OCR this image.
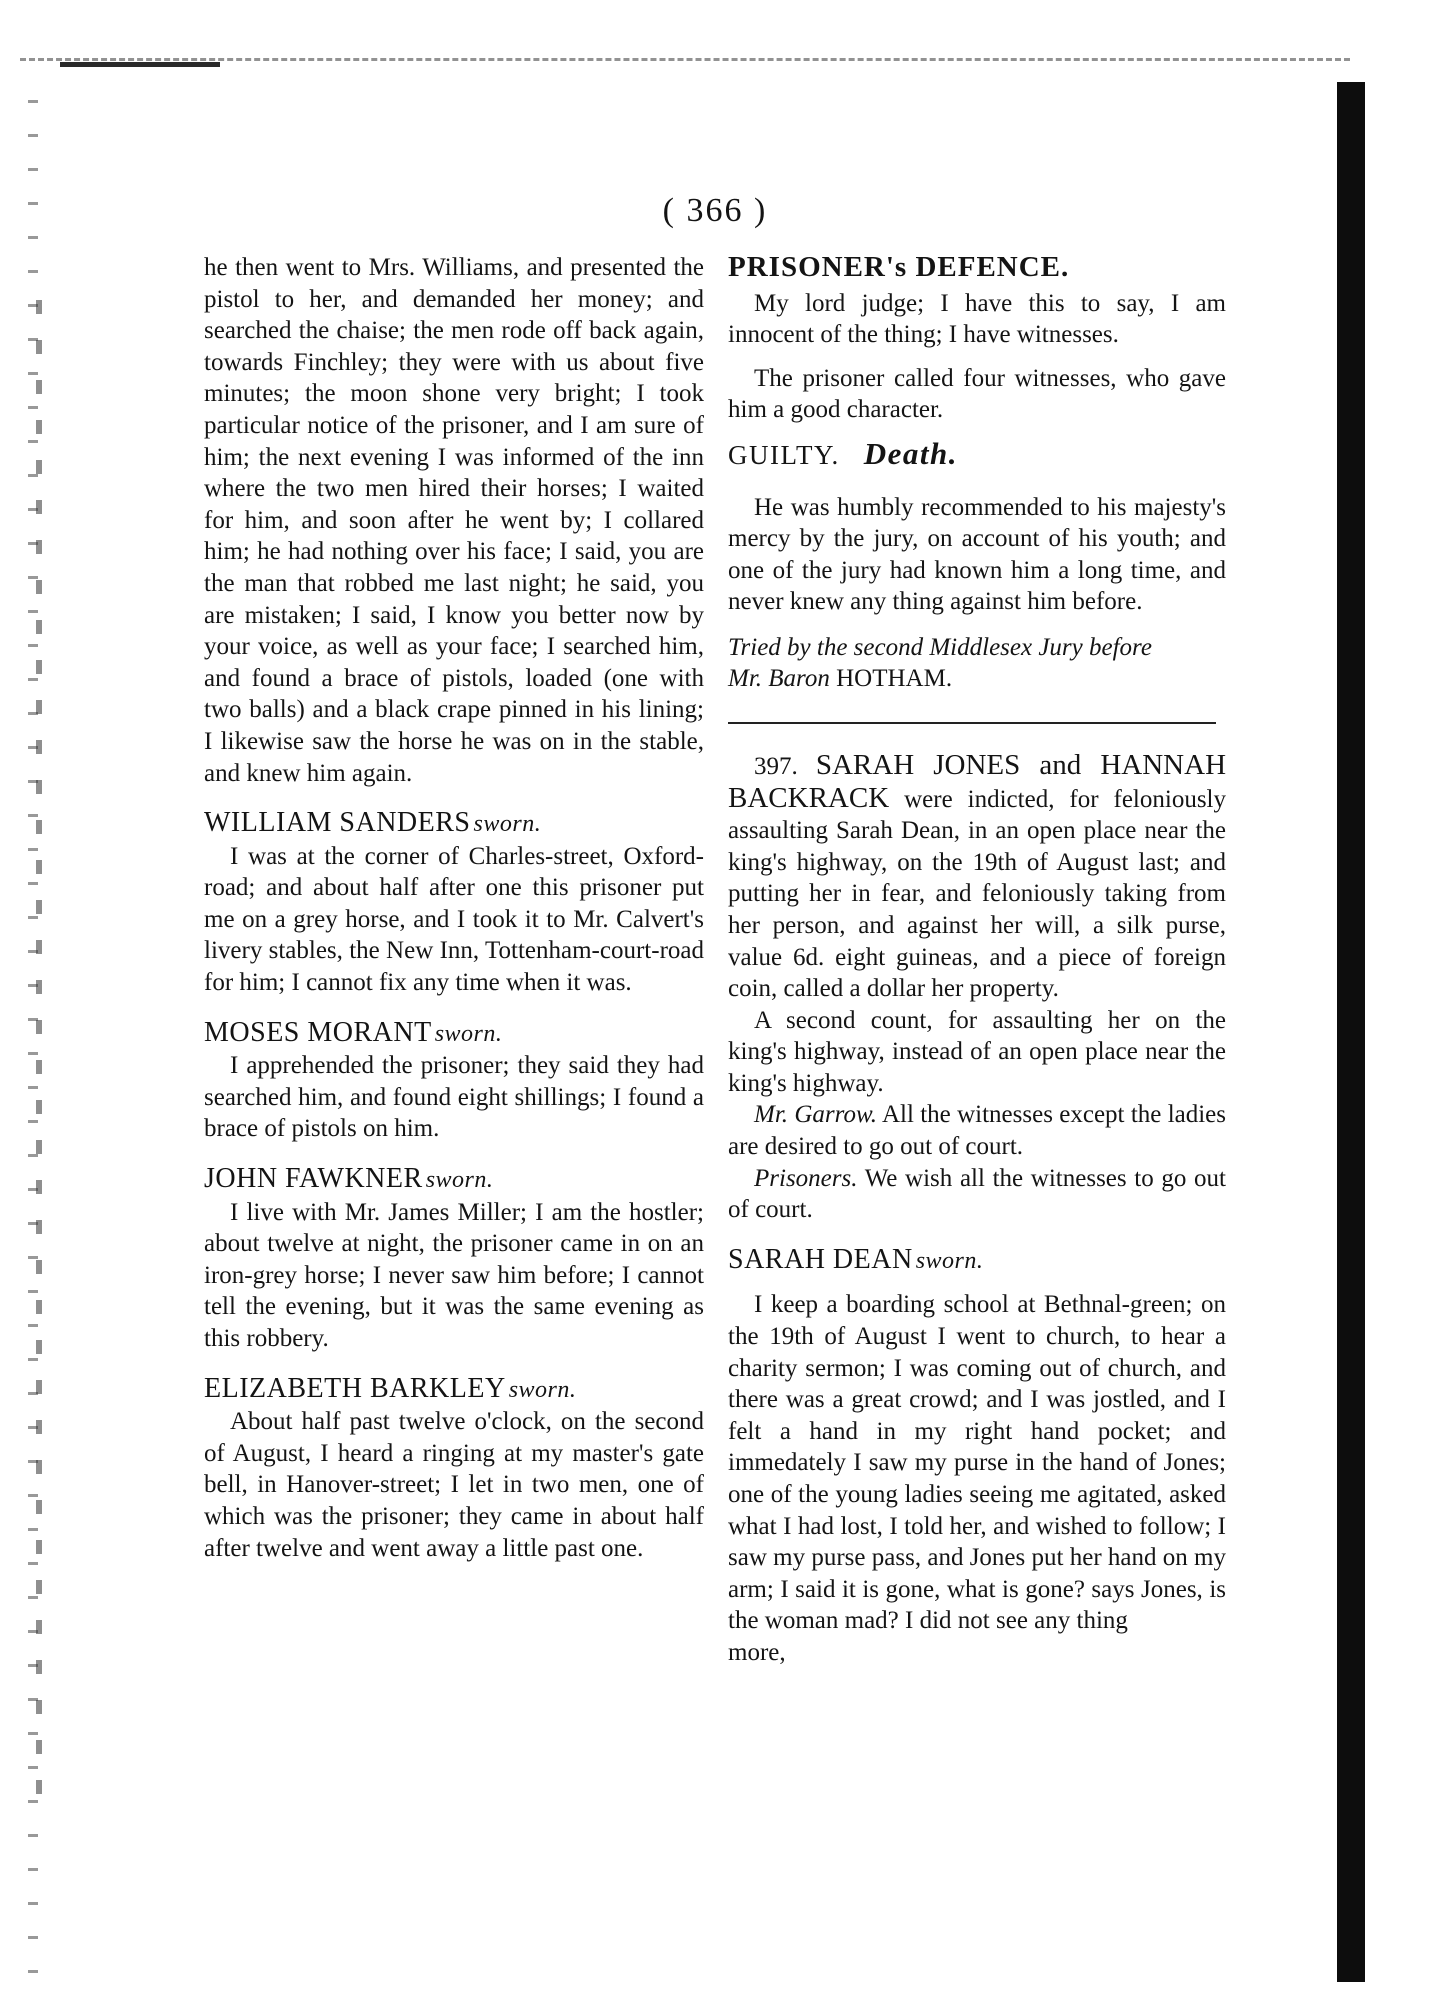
( 366 )

he then went to Mrs. Williams, and presented the pistol to her, and demanded her money; and searched the chaise; the men rode off back again, towards Finchley; they were with us about five minutes; the moon shone very bright; I took particular notice of the prisoner, and I am sure of him; the next evening I was informed of the inn where the two men hired their horses; I waited for him, and soon after he went by; I collared him; he had nothing over his face; I said, you are the man that robbed me last night; he said, you are mistaken; I said, I know you better now by your voice, as well as your face; I searched him, and found a brace of pistols, loaded (one with two balls) and a black crape pinned in his lining; I likewise saw the horse he was on in the stable, and knew him again.

WILLIAM SANDERS sworn.

I was at the corner of Charles-street, Oxford-road; and about half after one this prisoner put me on a grey horse, and I took it to Mr. Calvert's livery stables, the New Inn, Tottenham-court-road for him; I cannot fix any time when it was.

MOSES MORANT sworn.

I apprehended the prisoner; they said they had searched him, and found eight shillings; I found a brace of pistols on him.

JOHN FAWKNER sworn.

I live with Mr. James Miller; I am the hostler; about twelve at night, the prisoner came in on an iron-grey horse; I never saw him before; I cannot tell the evening, but it was the same evening as this robbery.

ELIZABETH BARKLEY sworn.

About half past twelve o'clock, on the second of August, I heard a ringing at my master's gate bell, in Hanover-street; I let in two men, one of which was the prisoner; they came in about half after twelve and went away a little past one.

PRISONER's DEFENCE.

My lord judge; I have this to say, I am innocent of the thing; I have witnesses.

The prisoner called four witnesses, who gave him a good character.

GUILTY. Death.

He was humbly recommended to his majesty's mercy by the jury, on account of his youth; and one of the jury had known him a long time, and never knew any thing against him before.

Tried by the second Middlesex Jury before
Mr. Baron HOTHAM.

397. SARAH JONES and HANNAH BACKRACK were indicted, for feloniously assaulting Sarah Dean, in an open place near the king's highway, on the 19th of August last; and putting her in fear, and feloniously taking from her person, and against her will, a silk purse, value 6d. eight guineas, and a piece of foreign coin, called a dollar her property.

A second count, for assaulting her on the king's highway, instead of an open place near the king's highway.

Mr. Garrow. All the witnesses except the ladies are desired to go out of court.

Prisoners. We wish all the witnesses to go out of court.

SARAH DEAN sworn.

I keep a boarding school at Bethnal-green; on the 19th of August I went to church, to hear a charity sermon; I was coming out of church, and there was a great crowd; and I was jostled, and I felt a hand in my right hand pocket; and immedately I saw my purse in the hand of Jones; one of the young ladies seeing me agitated, asked what I had lost, I told her, and wished to follow; I saw my purse pass, and Jones put her hand on my arm; I said it is gone, what is gone? says Jones, is the woman mad? I did not see any thing

more,
